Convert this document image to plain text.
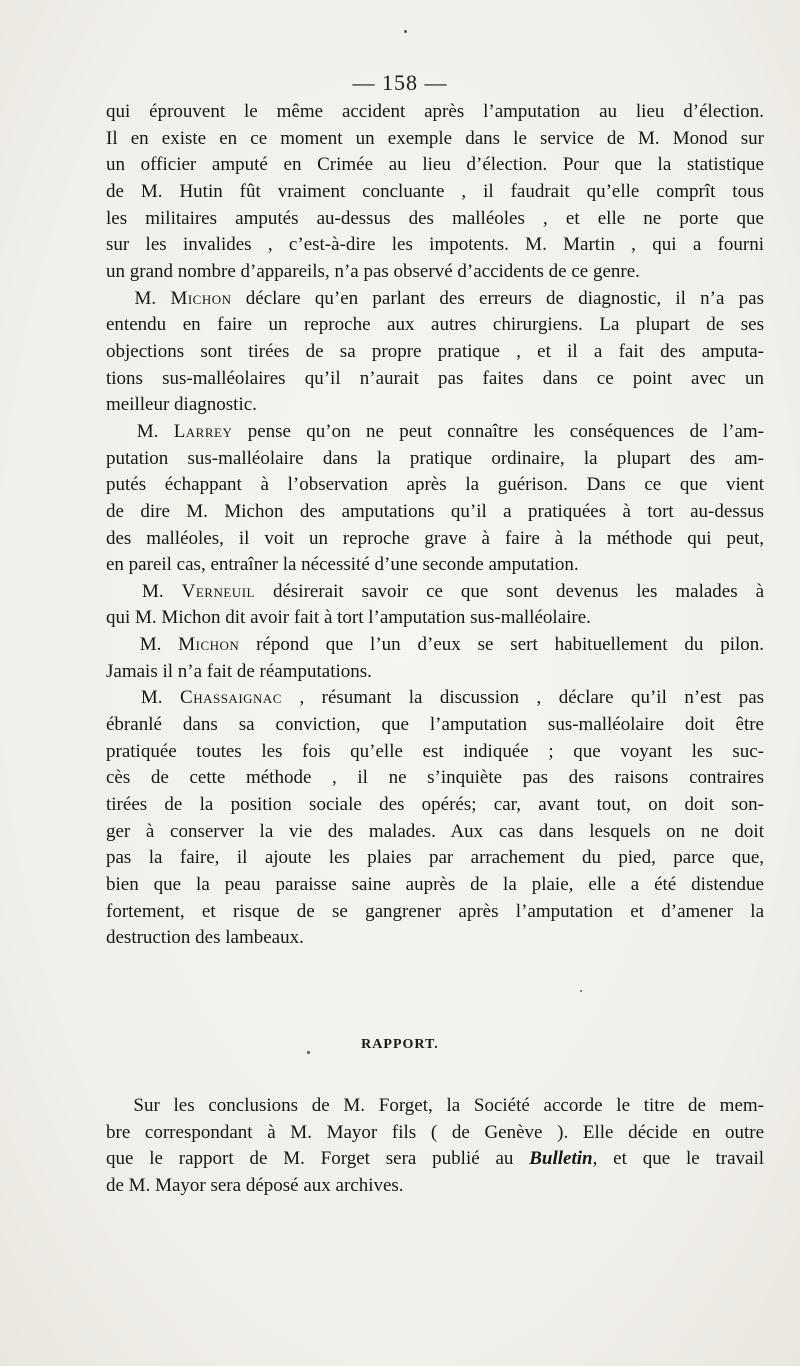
— 158 —

qui éprouvent le même accident après l’amputation au lieu d’élection.
Il en existe en ce moment un exemple dans le service de M. Monod sur
un officier amputé en Crimée au lieu d’élection. Pour que la statistique
de M. Hutin fût vraiment concluante , il faudrait qu’elle comprît tous
les militaires amputés au-dessus des malléoles , et elle ne porte que
sur les invalides , c’est-à-dire les impotents. M. Martin , qui a fourni
un grand nombre d’appareils, n’a pas observé d’accidents de ce genre.

M. Michon déclare qu’en parlant des erreurs de diagnostic, il n’a pas
entendu en faire un reproche aux autres chirurgiens. La plupart de ses
objections sont tirées de sa propre pratique , et il a fait des amputa-
tions sus-malléolaires qu’il n’aurait pas faites dans ce point avec un
meilleur diagnostic.

M. Larrey pense qu’on ne peut connaître les conséquences de l’am-
putation sus-malléolaire dans la pratique ordinaire, la plupart des am-
putés échappant à l’observation après la guérison. Dans ce que vient
de dire M. Michon des amputations qu’il a pratiquées à tort au-dessus
des malléoles, il voit un reproche grave à faire à la méthode qui peut,
en pareil cas, entraîner la nécessité d’une seconde amputation.

M. Verneuil désirerait savoir ce que sont devenus les malades à
qui M. Michon dit avoir fait à tort l’amputation sus-malléolaire.

M. Michon répond que l’un d’eux se sert habituellement du pilon.
Jamais il n’a fait de réamputations.

M. Chassaignac , résumant la discussion , déclare qu’il n’est pas
ébranlé dans sa conviction, que l’amputation sus-malléolaire doit être
pratiquée toutes les fois qu’elle est indiquée ; que voyant les suc-
cès de cette méthode , il ne s’inquiète pas des raisons contraires
tirées de la position sociale des opérés; car, avant tout, on doit son-
ger à conserver la vie des malades. Aux cas dans lesquels on ne doit
pas la faire, il ajoute les plaies par arrachement du pied, parce que,
bien que la peau paraisse saine auprès de la plaie, elle a été distendue
fortement, et risque de se gangrener après l’amputation et d’amener la
destruction des lambeaux.

RAPPORT.

Sur les conclusions de M. Forget, la Société accorde le titre de mem-
bre correspondant à M. Mayor fils ( de Genève ). Elle décide en outre
que le rapport de M. Forget sera publié au Bulletin, et que le travail
de M. Mayor sera déposé aux archives.
